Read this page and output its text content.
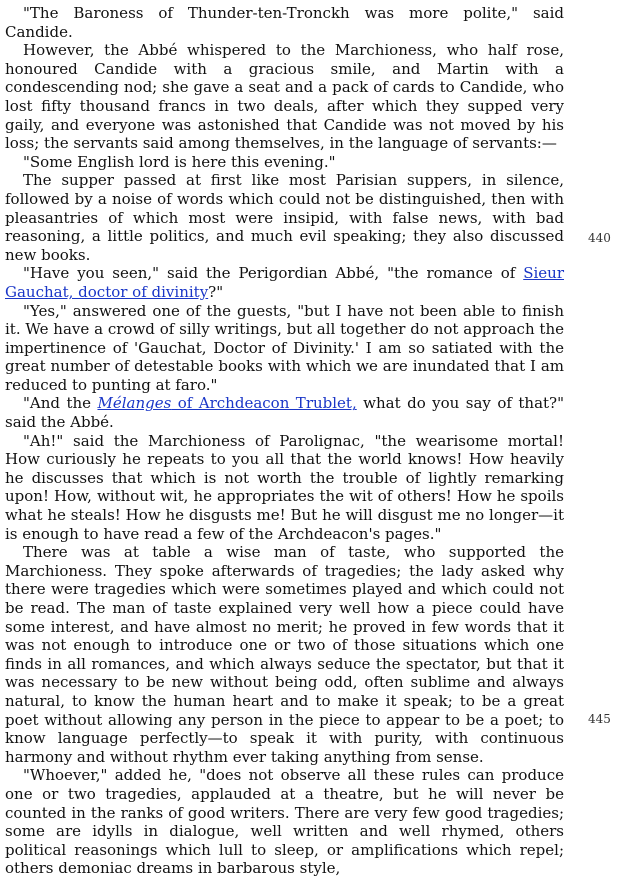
"The Baroness of Thunder-ten-Tronckh was more polite," said Candide.

However, the Abbé whispered to the Marchioness, who half rose, honoured Candide with a gracious smile, and Martin with a condescending nod; she gave a seat and a pack of cards to Candide, who lost fifty thousand francs in two deals, after which they supped very gaily, and everyone was astonished that Candide was not moved by his loss; the servants said among themselves, in the language of servants:—

"Some English lord is here this evening."

The supper passed at first like most Parisian suppers, in silence, followed by a noise of words which could not be distinguished, then with pleasantries of which most were insipid, with false news, with bad reasoning, a little politics, and much evil speaking; they also discussed new books.

"Have you seen," said the Perigordian Abbé, "the romance of Sieur Gauchat, doctor of divinity?"

"Yes," answered one of the guests, "but I have not been able to finish it. We have a crowd of silly writings, but all together do not approach the impertinence of 'Gauchat, Doctor of Divinity.' I am so satiated with the great number of detestable books with which we are inundated that I am reduced to punting at faro."

"And the Mélanges of Archdeacon Trublet, what do you say of that?" said the Abbé.

"Ah!" said the Marchioness of Parolignac, "the wearisome mortal! How curiously he repeats to you all that the world knows! How heavily he discusses that which is not worth the trouble of lightly remarking upon! How, without wit, he appropriates the wit of others! How he spoils what he steals! How he disgusts me! But he will disgust me no longer—it is enough to have read a few of the Archdeacon's pages."

There was at table a wise man of taste, who supported the Marchioness. They spoke afterwards of tragedies; the lady asked why there were tragedies which were sometimes played and which could not be read. The man of taste explained very well how a piece could have some interest, and have almost no merit; he proved in few words that it was not enough to introduce one or two of those situations which one finds in all romances, and which always seduce the spectator, but that it was necessary to be new without being odd, often sublime and always natural, to know the human heart and to make it speak; to be a great poet without allowing any person in the piece to appear to be a poet; to know language perfectly—to speak it with purity, with continuous harmony and without rhythm ever taking anything from sense.

"Whoever," added he, "does not observe all these rules can produce one or two tragedies, applauded at a theatre, but he will never be counted in the ranks of good writers. There are very few good tragedies; some are idylls in dialogue, well written and well rhymed, others political reasonings which lull to sleep, or amplifications which repel; others demoniac dreams in barbarous style,

440
445
